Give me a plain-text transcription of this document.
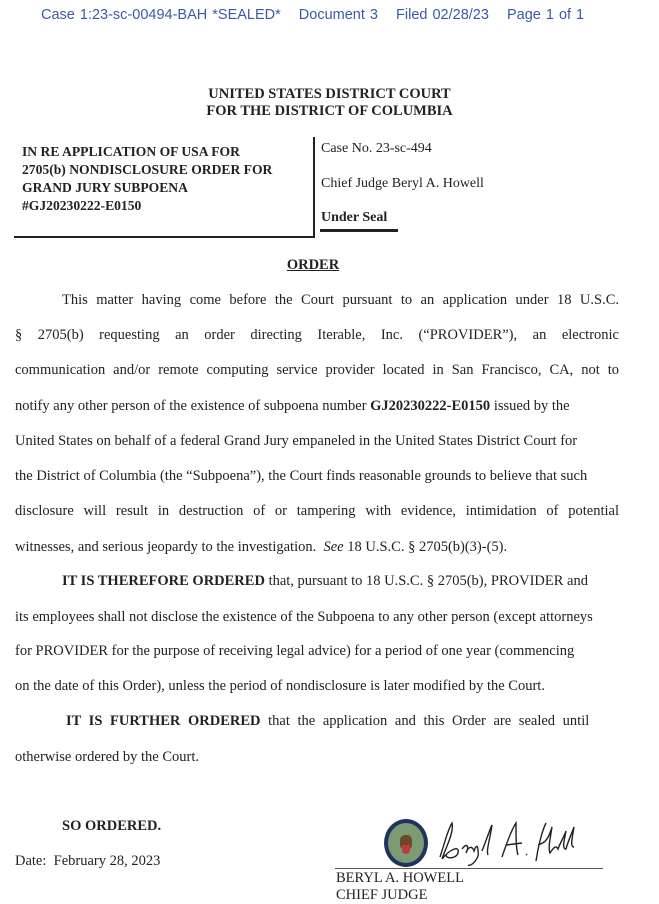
Case 1:23-sc-00494-BAH *SEALED* Document 3 Filed 02/28/23 Page 1 of 1
UNITED STATES DISTRICT COURT
FOR THE DISTRICT OF COLUMBIA
IN RE APPLICATION OF USA FOR
2705(b) NONDISCLOSURE ORDER FOR
GRAND JURY SUBPOENA
#GJ20230222-E0150
Case No. 23-sc-494
Chief Judge Beryl A. Howell
Under Seal
ORDER
This matter having come before the Court pursuant to an application under 18 U.S.C.
§ 2705(b) requesting an order directing Iterable, Inc. (“PROVIDER”), an electronic
communication and/or remote computing service provider located in San Francisco, CA, not to
notify any other person of the existence of subpoena number GJ20230222-E0150 issued by the
United States on behalf of a federal Grand Jury empaneled in the United States District Court for
the District of Columbia (the “Subpoena”), the Court finds reasonable grounds to believe that such
disclosure will result in destruction of or tampering with evidence, intimidation of potential
witnesses, and serious jeopardy to the investigation.  See 18 U.S.C. § 2705(b)(3)-(5).
IT IS THEREFORE ORDERED that, pursuant to 18 U.S.C. § 2705(b), PROVIDER and
its employees shall not disclose the existence of the Subpoena to any other person (except attorneys
for PROVIDER for the purpose of receiving legal advice) for a period of one year (commencing
on the date of this Order), unless the period of nondisclosure is later modified by the Court.
IT IS FURTHER ORDERED that the application and this Order are sealed until
otherwise ordered by the Court.
SO ORDERED.
Date:  February 28, 2023
BERYL A. HOWELL
CHIEF JUDGE
